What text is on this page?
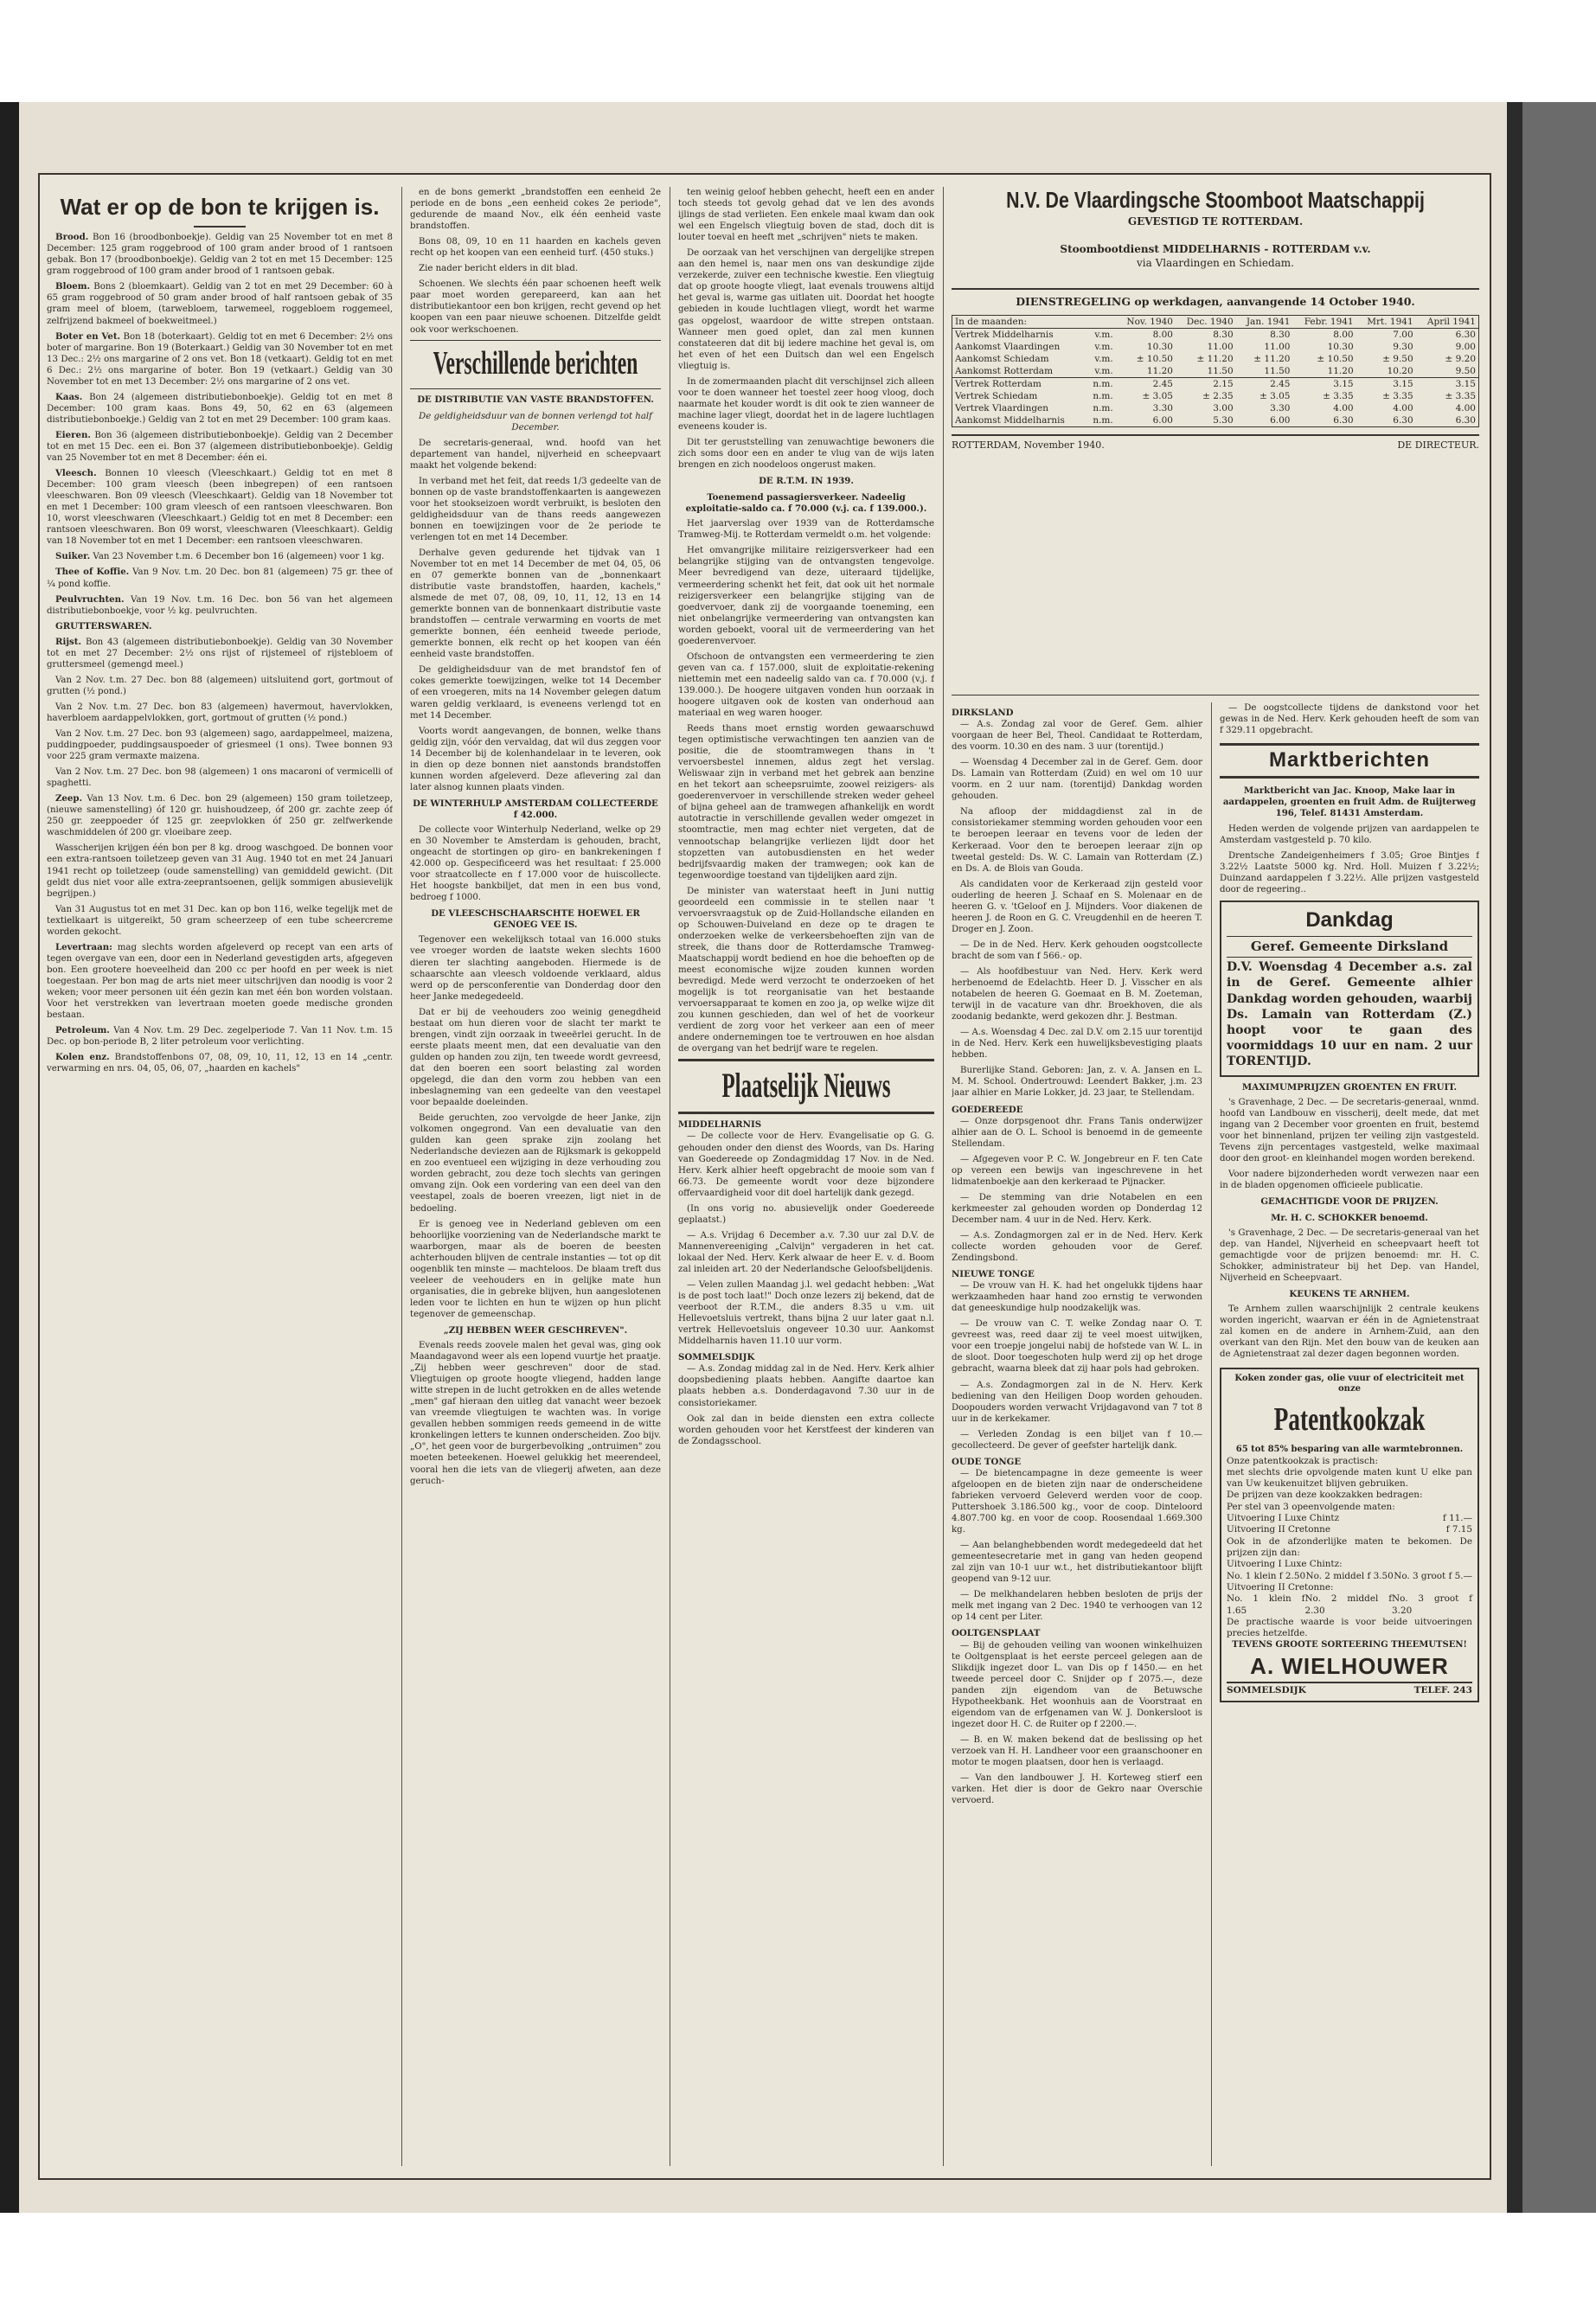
Wat er op de bon te krijgen is.

Brood. Bon 16 (broodbonboekje). Geldig van 25 November tot en met 8 December: 125 gram roggebrood of 100 gram ander brood of 1 rantsoen gebak. Bon 17 (broodbonboekje). Geldig van 2 tot en met 15 December: 125 gram roggebrood of 100 gram ander brood of 1 rantsoen gebak.

Bloem. Bons 2 (bloemkaart). Geldig van 2 tot en met 29 December: 60 à 65 gram roggebrood of 50 gram ander brood of half rantsoen gebak of 35 gram meel of bloem, (tarwebloem, tarwemeel, roggebloem roggemeel, zelfrijzend bakmeel of boekweitmeel.)

Boter en Vet. Bon 18 (boterkaart). Geldig tot en met 6 December: 2½ ons boter of margarine. Bon 19 (Boterkaart.) Geldig van 30 November tot en met 13 Dec.: 2½ ons margarine of 2 ons vet. Bon 18 (vetkaart). Geldig tot en met 6 Dec.: 2½ ons margarine of boter. Bon 19 (vetkaart.) Geldig van 30 November tot en met 13 December: 2½ ons margarine of 2 ons vet.

Kaas. Bon 24 (algemeen distributiebonboekje). Geldig tot en met 8 December: 100 gram kaas. Bons 49, 50, 62 en 63 (algemeen distributiebonboekje.) Geldig van 2 tot en met 29 December: 100 gram kaas.

Eieren. Bon 36 (algemeen distributiebonboekje). Geldig van 2 December tot en met 15 Dec. een ei. Bon 37 (algemeen distributiebonboekje). Geldig van 25 November tot en met 8 December: één ei.

Vleesch. Bonnen 10 vleesch (Vleeschkaart.) Geldig tot en met 8 December: 100 gram vleesch (been inbegrepen) of een rantsoen vleeschwaren. Bon 09 vleesch (Vleeschkaart). Geldig van 18 November tot en met 1 December: 100 gram vleesch of een rantsoen vleeschwaren. Bon 10, worst vleeschwaren (Vleeschkaart.) Geldig tot en met 8 December: een rantsoen vleeschwaren. Bon 09 worst, vleeschwaren (Vleeschkaart). Geldig van 18 November tot en met 1 December: een rantsoen vleeschwaren.

Suiker. Van 23 November t.m. 6 December bon 16 (algemeen) voor 1 kg.

Thee of Koffie. Van 9 Nov. t.m. 20 Dec. bon 81 (algemeen) 75 gr. thee of ¼ pond koffie.

Peulvruchten. Van 19 Nov. t.m. 16 Dec. bon 56 van het algemeen distributiebonboekje, voor ½ kg. peulvruchten.

GRUTTERSWAREN.

Rijst. Bon 43 (algemeen distributiebonboekje). Geldig van 30 November tot en met 27 December: 2½ ons rijst of rijstemeel of rijstebloem of gruttersmeel (gemengd meel.)

Van 2 Nov. t.m. 27 Dec. bon 88 (algemeen) uitsluitend gort, gortmout of grutten (½ pond.)

Van 2 Nov. t.m. 27 Dec. bon 83 (algemeen) havermout, havervlokken, haverbloem aardappelvlokken, gort, gortmout of grutten (½ pond.)

Van 2 Nov. t.m. 27 Dec. bon 93 (algemeen) sago, aardappelmeel, maizena, puddingpoeder, puddingsauspoeder of griesmeel (1 ons). Twee bonnen 93 voor 225 gram vermaxte maizena.

Van 2 Nov. t.m. 27 Dec. bon 98 (algemeen) 1 ons macaroni of vermicelli of spaghetti.

Zeep. Van 13 Nov. t.m. 6 Dec. bon 29 (algemeen) 150 gram toiletzeep, (nieuwe samenstelling) óf 120 gr. huishoudzeep, óf 200 gr. zachte zeep óf 250 gr. zeeppoeder óf 125 gr. zeepvlokken óf 250 gr. zelfwerkende waschmiddelen óf 200 gr. vloeibare zeep.

Wasscherijen krijgen één bon per 8 kg. droog waschgoed. De bonnen voor een extra-rantsoen toiletzeep geven van 31 Aug. 1940 tot en met 24 Januari 1941 recht op toiletzeep (oude samenstelling) van gemiddeld gewicht. (Dit geldt dus niet voor alle extra-zeeprantsoenen, gelijk sommigen abusievelijk begrijpen.)

Van 31 Augustus tot en met 31 Dec. kan op bon 116, welke tegelijk met de textielkaart is uitgereikt, 50 gram scheerzeep of een tube scheercreme worden gekocht.

Levertraan: mag slechts worden afgeleverd op recept van een arts of tegen overgave van een, door een in Nederland gevestigden arts, afgegeven bon. Een grootere hoeveelheid dan 200 cc per hoofd en per week is niet toegestaan. Per bon mag de arts niet meer uitschrijven dan noodig is voor 2 weken; voor meer personen uit één gezin kan met één bon worden volstaan. Voor het verstrekken van levertraan moeten goede medische gronden bestaan.

Petroleum. Van 4 Nov. t.m. 29 Dec. zegelperiode 7. Van 11 Nov. t.m. 15 Dec. op bon-periode B, 2 liter petroleum voor verlichting.

Kolen enz. Brandstoffenbons 07, 08, 09, 10, 11, 12, 13 en 14 „centr. verwarming en nrs. 04, 05, 06, 07, „haarden en kachels"

en de bons gemerkt „brandstoffen een eenheid 2e periode en de bons „een eenheid cokes 2e periode", gedurende de maand Nov., elk één eenheid vaste brandstoffen.

Bons 08, 09, 10 en 11 haarden en kachels geven recht op het koopen van een eenheid turf. (450 stuks.)

Zie nader bericht elders in dit blad.

Schoenen. We slechts één paar schoenen heeft welk paar moet worden gerepareerd, kan aan het distributiekantoor een bon krijgen, recht gevend op het koopen van een paar nieuwe schoenen. Ditzelfde geldt ook voor werkschoenen.

Verschillende berichten
DE DISTRIBUTIE VAN VASTE BRANDSTOFFEN.
De geldigheidsduur van de bonnen verlengd tot half December.

De secretaris-generaal, wnd. hoofd van het departement van handel, nijverheid en scheepvaart maakt het volgende bekend:

In verband met het feit, dat reeds 1/3 gedeelte van de bonnen op de vaste brandstoffenkaarten is aangewezen voor het stookseizoen wordt verbruikt, is besloten den geldigheidsduur van de thans reeds aangewezen bonnen en toewijzingen voor de 2e periode te verlengen tot en met 14 December.

Derhalve geven gedurende het tijdvak van 1 November tot en met 14 December de met 04, 05, 06 en 07 gemerkte bonnen van de „bonnenkaart distributie vaste brandstoffen, haarden, kachels," alsmede de met 07, 08, 09, 10, 11, 12, 13 en 14 gemerkte bonnen van de bonnenkaart distributie vaste brandstoffen — centrale verwarming en voorts de met gemerkte bonnen, één eenheid tweede periode, gemerkte bonnen, elk recht op het koopen van één eenheid vaste brandstoffen.

De geldigheidsduur van de met brandstof fen of cokes gemerkte toewijzingen, welke tot 14 December of een vroegeren, mits na 14 November gelegen datum waren geldig verklaard, is eveneens verlengd tot en met 14 December.

Voorts wordt aangevangen, de bonnen, welke thans geldig zijn, vóór den vervaldag, dat wil dus zeggen voor 14 December bij de kolenhandelaar in te leveren, ook in dien op deze bonnen niet aanstonds brandstoffen kunnen worden afgeleverd. Deze aflevering zal dan later alsnog kunnen plaats vinden.

DE WINTERHULP AMSTERDAM COLLECTEERDE f 42.000.

De collecte voor Winterhulp Nederland, welke op 29 en 30 November te Amsterdam is gehouden, bracht, ongeacht de stortingen op giro- en bankrekeningen f 42.000 op. Gespecificeerd was het resultaat: f 25.000 voor straatcollecte en f 17.000 voor de huiscollecte. Het hoogste bankbiljet, dat men in een bus vond, bedroeg f 1000.

DE VLEESCHSCHAARSCHTE HOEWEL ER GENOEG VEE IS.

Tegenover een wekelijksch totaal van 16.000 stuks vee vroeger worden de laatste weken slechts 1600 dieren ter slachting aangeboden. Hiermede is de schaarschte aan vleesch voldoende verklaard, aldus werd op de persconferentie van Donderdag door den heer Janke medegedeeld.

Dat er bij de veehouders zoo weinig genegdheid bestaat om hun dieren voor de slacht ter markt te brengen, vindt zijn oorzaak in tweeërlei gerucht. In de eerste plaats meent men, dat een devaluatie van den gulden op handen zou zijn, ten tweede wordt gevreesd, dat den boeren een soort belasting zal worden opgelegd, die dan den vorm zou hebben van een inbeslagneming van een gedeelte van den veestapel voor bepaalde doeleinden.

Beide geruchten, zoo vervolgde de heer Janke, zijn volkomen ongegrond. Van een devaluatie van den gulden kan geen sprake zijn zoolang het Nederlandsche deviezen aan de Rijksmark is gekoppeld en zoo eventueel een wijziging in deze verhouding zou worden gebracht, zou deze toch slechts van geringen omvang zijn. Ook een vordering van een deel van den veestapel, zoals de boeren vreezen, ligt niet in de bedoeling.

Er is genoeg vee in Nederland gebleven om een behoorlijke voorziening van de Nederlandsche markt te waarborgen, maar als de boeren de beesten achterhouden blijven de centrale instanties — tot op dit oogenblik ten minste — machteloos. De blaam treft dus veeleer de veehouders en in gelijke mate hun organisaties, die in gebreke blijven, hun aangeslotenen leden voor te lichten en hun te wijzen op hun plicht tegenover de gemeenschap.

„ZIJ HEBBEN WEER GESCHREVEN".

Evenals reeds zoovele malen het geval was, ging ook Maandagavond weer als een lopend vuurtje het praatje. „Zij hebben weer geschreven" door de stad. Vliegtuigen op groote hoogte vliegend, hadden lange witte strepen in de lucht getrokken en de alles wetende „men" gaf hieraan den uitleg dat vanacht weer bezoek van vreemde vliegtuigen te wachten was. In vorige gevallen hebben sommigen reeds gemeend in de witte kronkelingen letters te kunnen onderscheiden. Zoo bijv. „O", het geen voor de burgerbevolking „ontruimen" zou moeten beteekenen. Hoewel gelukkig het meerendeel, vooral hen die iets van de vliegerij afweten, aan deze geruch-

ten weinig geloof hebben gehecht, heeft een en ander toch steeds tot gevolg gehad dat ve len des avonds ijlings de stad verlieten. Een enkele maal kwam dan ook wel een Engelsch vliegtuig boven de stad, doch dit is louter toeval en heeft met „schrijven" niets te maken.

De oorzaak van het verschijnen van dergelijke strepen aan den hemel is, naar men ons van deskundige zijde verzekerde, zuiver een technische kwestie. Een vliegtuig dat op groote hoogte vliegt, laat evenals trouwens altijd het geval is, warme gas uitlaten uit. Doordat het hoogte gebieden in koude luchtlagen vliegt, wordt het warme gas opgelost, waardoor de witte strepen ontstaan. Wanneer men goed oplet, dan zal men kunnen constateeren dat dit bij iedere machine het geval is, om het even of het een Duitsch dan wel een Engelsch vliegtuig is.

In de zomermaanden placht dit verschijnsel zich alleen voor te doen wanneer het toestel zeer hoog vloog, doch naarmate het kouder wordt is dit ook te zien wanneer de machine lager vliegt, doordat het in de lagere luchtlagen eveneens kouder is.

Dit ter geruststelling van zenuwachtige bewoners die zich soms door een en ander te vlug van de wijs laten brengen en zich noodeloos ongerust maken.

DE R.T.M. IN 1939.
Toenemend passagiersverkeer. Nadeelig exploitatie-saldo ca. f 70.000 (v.j. ca. f 139.000.).

Het jaarverslag over 1939 van de Rotterdamsche Tramweg-Mij. te Rotterdam vermeldt o.m. het volgende:

Het omvangrijke militaire reizigersverkeer had een belangrijke stijging van de ontvangsten tengevolge. Meer bevredigend van deze, uiteraard tijdelijke, vermeerdering schenkt het feit, dat ook uit het normale reizigersverkeer een belangrijke stijging van de goedvervoer, dank zij de voorgaande toeneming, een niet onbelangrijke vermeerdering van ontvangsten kan worden geboekt, vooral uit de vermeerdering van het goederenvervoer.

Ofschoon de ontvangsten een vermeerdering te zien geven van ca. f 157.000, sluit de exploitatie-rekening niettemin met een nadeelig saldo van ca. f 70.000 (v.j. f 139.000.). De hoogere uitgaven vonden hun oorzaak in hoogere uitgaven ook de kosten van onderhoud aan materiaal en weg waren hooger.

Reeds thans moet ernstig worden gewaarschuwd tegen optimistische verwachtingen ten aanzien van de positie, die de stoomtramwegen thans in 't vervoersbestel innemen, aldus zegt het verslag. Weliswaar zijn in verband met het gebrek aan benzine en het tekort aan scheepsruimte, zoowel reizigers- als goederenvervoer in verschillende streken weder geheel of bijna geheel aan de tramwegen afhankelijk en wordt autotractie in verschillende gevallen weder omgezet in stoomtractie, men mag echter niet vergeten, dat de vennootschap belangrijke verliezen lijdt door het stopzetten van autobusdiensten en het weder bedrijfsvaardig maken der tramwegen; ook kan de tegenwoordige toestand van tijdelijken aard zijn.

De minister van waterstaat heeft in Juni nuttig geoordeeld een commissie in te stellen naar 't vervoersvraagstuk op de Zuid-Hollandsche eilanden en op Schouwen-Duiveland en deze op te dragen te onderzoeken welke de verkeersbehoeften zijn van de streek, die thans door de Rotterdamsche Tramweg-Maatschappij wordt bediend en hoe die behoeften op de meest economische wijze zouden kunnen worden bevredigd. Mede werd verzocht te onderzoeken of het mogelijk is tot reorganisatie van het bestaande vervoersapparaat te komen en zoo ja, op welke wijze dit zou kunnen geschieden, dan wel of het de voorkeur verdient de zorg voor het verkeer aan een of meer andere ondernemingen toe te vertrouwen en hoe alsdan de overgang van het bedrijf ware te regelen.

Plaatselijk Nieuws
MIDDELHARNIS

— De collecte voor de Herv. Evangelisatie op G. G. gehouden onder den dienst des Woords, van Ds. Haring van Goedereede op Zondagmiddag 17 Nov. in de Ned. Herv. Kerk alhier heeft opgebracht de mooie som van f 66.73. De gemeente wordt voor deze bijzondere offervaardigheid voor dit doel hartelijk dank gezegd.

(In ons vorig no. abusievelijk onder Goedereede geplaatst.)

— A.s. Vrijdag 6 December a.v. 7.30 uur zal D.V. de Mannenvereeniging „Calvijn" vergaderen in het cat. lokaal der Ned. Herv. Kerk alwaar de heer E. v. d. Boom zal inleiden art. 20 der Nederlandsche Geloofsbelijdenis.

— Velen zullen Maandag j.l. wel gedacht hebben: „Wat is de post toch laat!" Doch onze lezers zij bekend, dat de veerboot der R.T.M., die anders 8.35 u v.m. uit Hellevoetsluis vertrekt, thans bijna 2 uur later gaat n.l. vertrek Hellevoetsluis ongeveer 10.30 uur. Aankomst Middelharnis haven 11.10 uur vorm.

SOMMELSDIJK

— A.s. Zondag middag zal in de Ned. Herv. Kerk alhier doopsbediening plaats hebben. Aangifte daartoe kan plaats hebben a.s. Donderdagavond 7.30 uur in de consistoriekamer.

Ook zal dan in beide diensten een extra collecte worden gehouden voor het Kerstfeest der kinderen van de Zondagsschool.

N.V. De Vlaardingsche Stoomboot Maatschappij
GEVESTIGD TE ROTTERDAM.
Stoombootdienst MIDDELHARNIS - ROTTERDAM v.v.
via Vlaardingen en Schiedam.
DIENSTREGELING op werkdagen, aanvangende 14 October 1940.
In de maanden:		Nov. 1940	Dec. 1940	Jan. 1941	Febr. 1941	Mrt. 1941	April 1941
Vertrek Middelharnis	v.m.	8.00	8.30	8.30	8.00	7.00	6.30
Aankomst Vlaardingen	v.m.	10.30	11.00	11.00	10.30	9.30	9.00
Aankomst Schiedam	v.m.	± 10.50	± 11.20	± 11.20	± 10.50	± 9.50	± 9.20
Aankomst Rotterdam	v.m.	11.20	11.50	11.50	11.20	10.20	9.50
Vertrek Rotterdam	n.m.	2.45	2.15	2.45	3.15	3.15	3.15
Vertrek Schiedam	n.m.	± 3.05	± 2.35	± 3.05	± 3.35	± 3.35	± 3.35
Vertrek Vlaardingen	n.m.	3.30	3.00	3.30	4.00	4.00	4.00
Aankomst Middelharnis	n.m.	6.00	5.30	6.00	6.30	6.30	6.30
ROTTERDAM, November 1940.	DE DIRECTEUR.
DIRKSLAND

— A.s. Zondag zal voor de Geref. Gem. alhier voorgaan de heer Bel, Theol. Candidaat te Rotterdam, des voorm. 10.30 en des nam. 3 uur (torentijd.)

— Woensdag 4 December zal in de Geref. Gem. door Ds. Lamain van Rotterdam (Zuid) en wel om 10 uur voorm. en 2 uur nam. (torentijd) Dankdag worden gehouden.

Na afloop der middagdienst zal in de consistoriekamer stemming worden gehouden voor een te beroepen leeraar en tevens voor de leden der Kerkeraad. Voor den te beroepen leeraar zijn op tweetal gesteld: Ds. W. C. Lamain van Rotterdam (Z.) en Ds. A. de Blois van Gouda.

Als candidaten voor de Kerkeraad zijn gesteld voor ouderling de heeren J. Schaaf en S. Molenaar en de heeren G. v. 'tGeloof en J. Mijnders. Voor diakenen de heeren J. de Roon en G. C. Vreugdenhil en de heeren T. Droger en J. Zoon.

— De in de Ned. Herv. Kerk gehouden oogstcollecte bracht de som van f 566.- op.

— Als hoofdbestuur van Ned. Herv. Kerk werd herbenoemd de Edelachtb. Heer D. J. Visscher en als notabelen de heeren G. Goemaat en B. M. Zoeteman, terwijl in de vacature van dhr. Broekhoven, die als zoodanig bedankte, werd gekozen dhr. J. Bestman.

— A.s. Woensdag 4 Dec. zal D.V. om 2.15 uur torentijd in de Ned. Herv. Kerk een huwelijksbevestiging plaats hebben.

Burerlijke Stand. Geboren: Jan, z. v. A. Jansen en L. M. M. School. Ondertrouwd: Leendert Bakker, j.m. 23 jaar alhier en Marie Lokker, jd. 23 jaar, te Stellendam.

GOEDEREEDE

— Onze dorpsgenoot dhr. Frans Tanis onderwijzer alhier aan de O. L. School is benoemd in de gemeente Stellendam.

— Afgegeven voor P. C. W. Jongebreur en F. ten Cate op vereen een bewijs van ingeschrevene in het lidmatenboekje aan den kerkeraad te Pijnacker.

— De stemming van drie Notabelen en een kerkmeester zal gehouden worden op Donderdag 12 December nam. 4 uur in de Ned. Herv. Kerk.

— A.s. Zondagmorgen zal er in de Ned. Herv. Kerk collecte worden gehouden voor de Geref. Zendingsbond.

NIEUWE TONGE

— De vrouw van H. K. had het ongelukk tijdens haar werkzaamheden haar hand zoo ernstig te verwonden dat geneeskundige hulp noodzakelijk was.

— De vrouw van C. T. welke Zondag naar O. T. gevreest was, reed daar zij te veel moest uitwijken, voor een troepje jongelui nabij de hofstede van W. L. in de sloot. Door toegeschoten hulp werd zij op het droge gebracht, waarna bleek dat zij haar pols had gebroken.

— A.s. Zondagmorgen zal in de N. Herv. Kerk bediening van den Heiligen Doop worden gehouden. Doopouders worden verwacht Vrijdagavond van 7 tot 8 uur in de kerkekamer.

— Verleden Zondag is een biljet van f 10.— gecollecteerd. De gever of geefster hartelijk dank.

OUDE TONGE

— De bietencampagne in deze gemeente is weer afgeloopen en de bieten zijn naar de onderscheidene fabrieken vervoerd Geleverd werden voor de coop. Puttershoek 3.186.500 kg., voor de coop. Dinteloord 4.807.700 kg. en voor de coop. Roosendaal 1.669.300 kg.

— Aan belanghebbenden wordt medegedeeld dat het gemeentesecretarie met in gang van heden geopend zal zijn van 10-1 uur w.t., het distributiekantoor blijft geopend van 9-12 uur.

— De melkhandelaren hebben besloten de prijs der melk met ingang van 2 Dec. 1940 te verhoogen van 12 op 14 cent per Liter.

OOLTGENSPLAAT

— Bij de gehouden veiling van woonen winkelhuizen te Ooltgensplaat is het eerste perceel gelegen aan de Slikdijk ingezet door L. van Dis op f 1450.— en het tweede perceel door C. Snijder op f 2075.—, deze panden zijn eigendom van de Betuwsche Hypotheekbank. Het woonhuis aan de Voorstraat en eigendom van de erfgenamen van W. J. Donkersloot is ingezet door H. C. de Ruiter op f 2200.—.

— B. en W. maken bekend dat de beslissing op het verzoek van H. H. Landheer voor een graanschooner en motor te mogen plaatsen, door hen is verlaagd.

— Van den landbouwer J. H. Korteweg stierf een varken. Het dier is door de Gekro naar Overschie vervoerd.

— De oogstcollecte tijdens de dankstond voor het gewas in de Ned. Herv. Kerk gehouden heeft de som van f 329.11 opgebracht.

Marktberichten

Marktbericht van Jac. Knoop, Make laar in aardappelen, groenten en fruit Adm. de Ruijterweg 196, Telef. 81431 Amsterdam.

Heden werden de volgende prijzen van aardappelen te Amsterdam vastgesteld p. 70 kilo.

Drentsche Zandeigenheimers f 3.05; Groe Bintjes f 3.22½ Laatste 5000 kg. Nrd. Holl. Muizen f 3.22½; Duinzand aardappelen f 3.22½. Alle prijzen vastgesteld door de regeering..

Dankdag
Geref. Gemeente Dirksland
D.V. Woensdag 4 December a.s. zal in de Geref. Gemeente alhier Dankdag worden gehouden, waarbij Ds. Lamain van Rotterdam (Z.) hoopt voor te gaan des voormiddags 10 uur en nam. 2 uur TORENTIJD.
MAXIMUMPRIJZEN GROENTEN EN FRUIT.

's Gravenhage, 2 Dec. — De secretaris-generaal, wnmd. hoofd van Landbouw en visscherij, deelt mede, dat met ingang van 2 December voor groenten en fruit, bestemd voor het binnenland, prijzen ter veiling zijn vastgesteld. Tevens zijn percentages vastgesteld, welke maximaal door den groot- en kleinhandel mogen worden berekend.

Voor nadere bijzonderheden wordt verwezen naar een in de bladen opgenomen officieele publicatie.

GEMACHTIGDE VOOR DE PRIJZEN.
Mr. H. C. SCHOKKER benoemd.

's Gravenhage, 2 Dec. — De secretaris-generaal van het dep. van Handel, Nijverheid en scheepvaart heeft tot gemachtigde voor de prijzen benoemd: mr. H. C. Schokker, administrateur bij het Dep. van Handel, Nijverheid en Scheepvaart.

KEUKENS TE ARNHEM.

Te Arnhem zullen waarschijnlijk 2 centrale keukens worden ingericht, waarvan er één in de Agnietenstraat zal komen en de andere in Arnhem-Zuid, aan den overkant van den Rijn. Met den bouw van de keuken aan de Agnietenstraat zal dezer dagen begonnen worden.

Koken zonder gas, olie vuur of electriciteit met onze
Patentkookzak
65 tot 85% besparing van alle warmtebronnen.
Onze patentkookzak is practisch:
met slechts drie opvolgende maten kunt U elke pan van Uw keukenuitzet blijven gebruiken.
De prijzen van deze kookzakken bedragen:
Per stel van 3 opeenvolgende maten:
Uitvoering I Luxe Chintz	f 11.—
Uitvoering II Cretonne	f 7.15
Ook in de afzonderlijke maten te bekomen. De prijzen zijn dan:
Uitvoering I Luxe Chintz:
No. 1 klein f 2.50 No. 2 middel f 3.50 No. 3 groot f 5.—
Uitvoering II Cretonne:
No. 1 klein f 1.65
No. 2 middel f 2.30
No. 3 groot f 3.20
De practische waarde is voor beide uitvoeringen precies hetzelfde.
TEVENS GROOTE SORTEERING THEEMUTSEN!
A. WIELHOUWER
SOMMELSDIJK	TELEF. 243
